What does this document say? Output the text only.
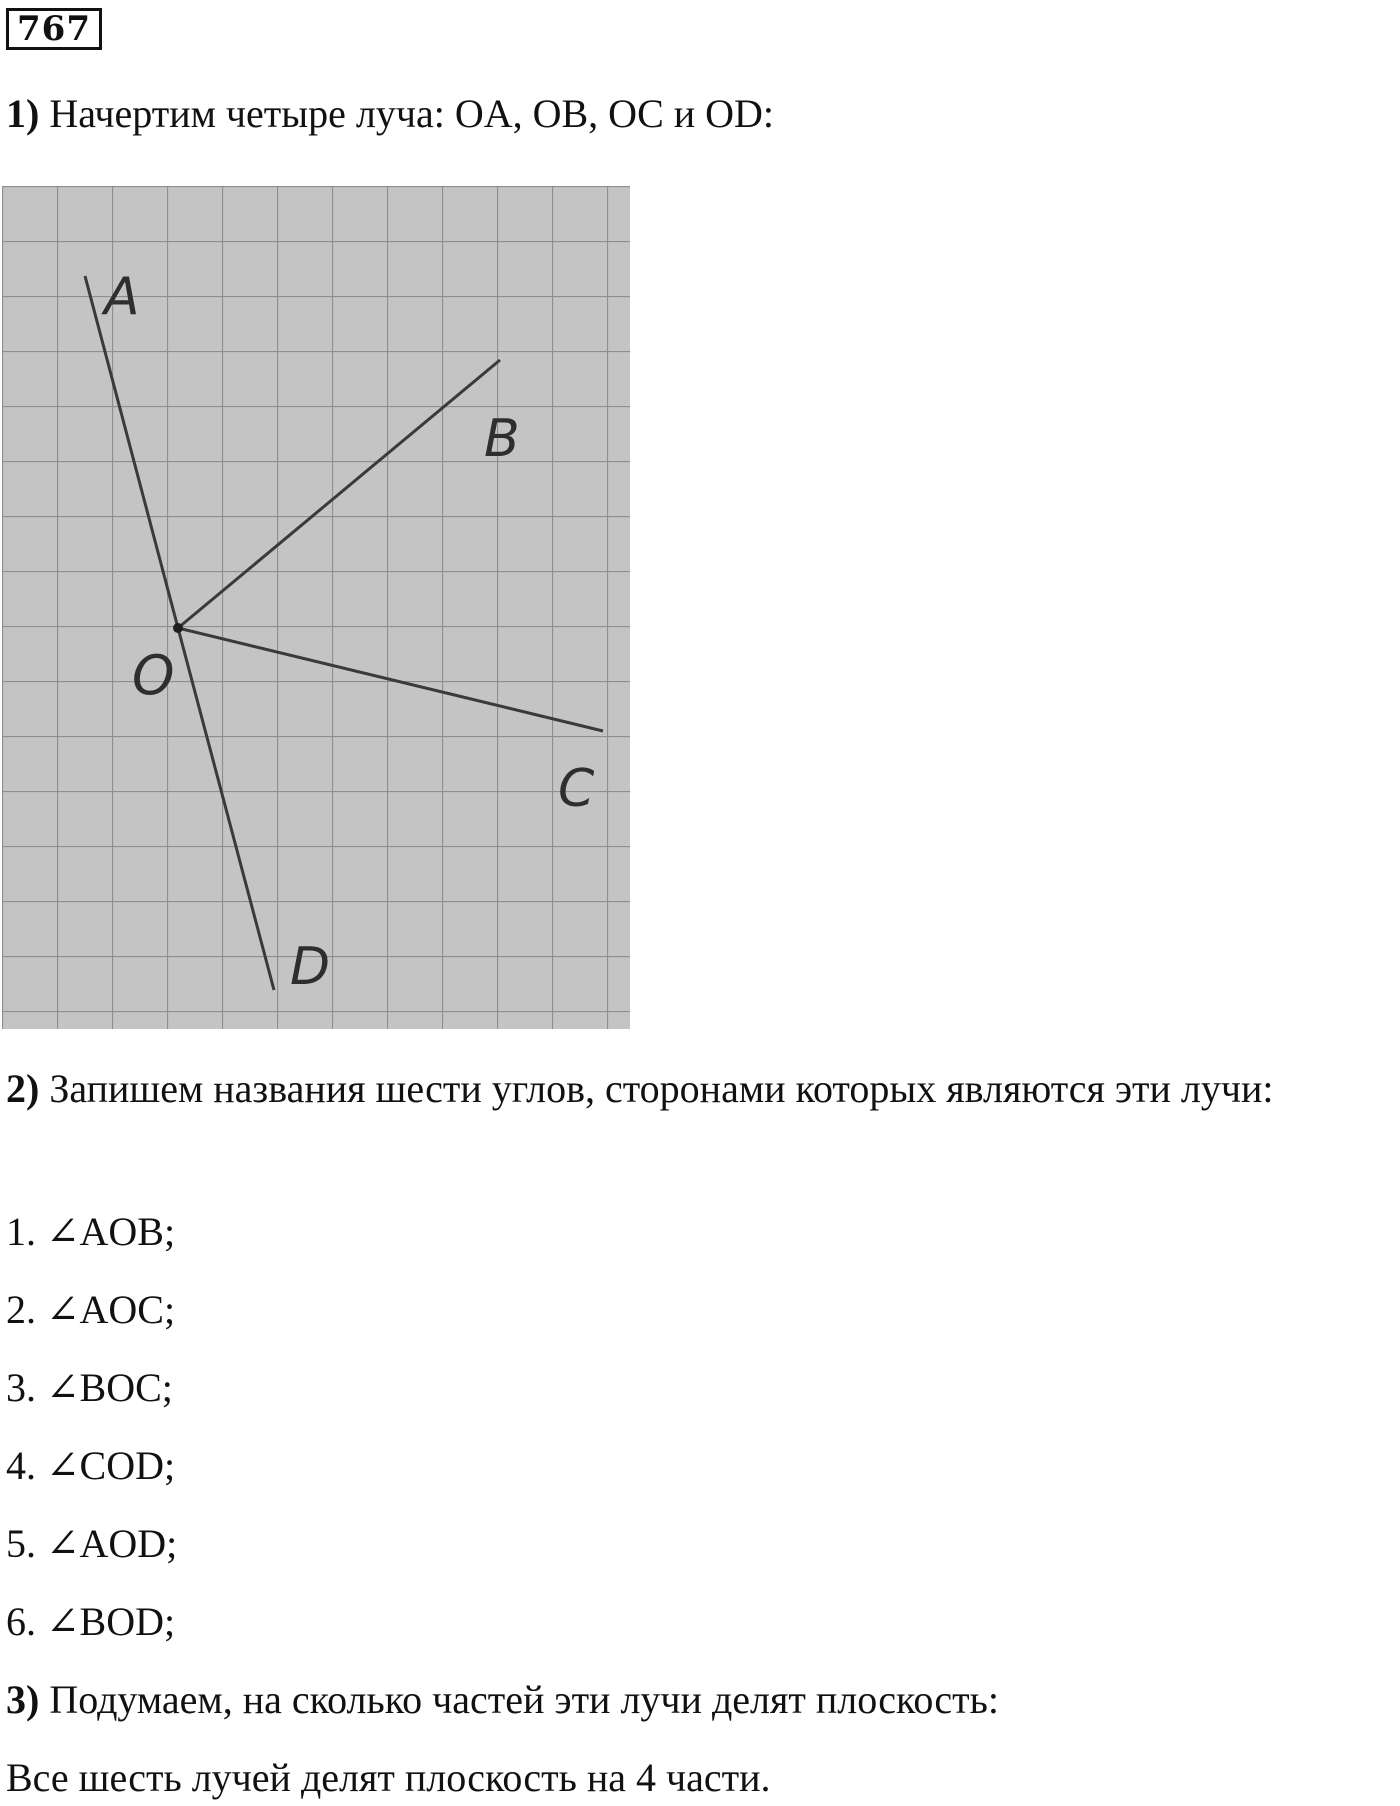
767
1) Начертим четыре луча: OA, OB, OC и OD:
A
B
O
C
D
2) Запишем названия шести углов, сторонами которых являются эти лучи:
1. ∠AOB;
2. ∠AOC;
3. ∠BOC;
4. ∠COD;
5. ∠AOD;
6. ∠BOD;
3) Подумаем, на сколько частей эти лучи делят плоскость:
Все шесть лучей делят плоскость на 4 части.
